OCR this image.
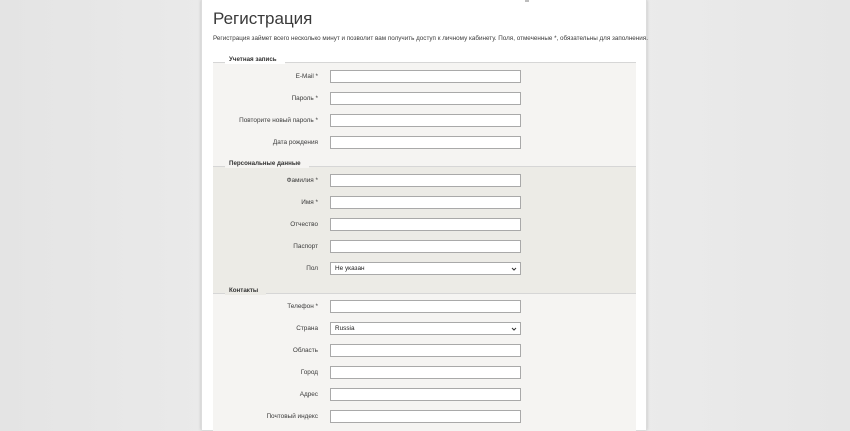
Регистрация
Регистрация займет всего несколько минут и позволит вам получить доступ к личному кабинету. Поля, отмеченные *, обязательны для заполнения.
Учетная запись
E-Mail *
Пароль *
Повторите новый пароль *
Дата рождения
Персональные данные
Фамилия *
Имя *
Отчество
Паспорт
Пол	Не указан
Контакты
Телефон *
Страна	Russia
Область
Город
Адрес
Почтовый индекс
